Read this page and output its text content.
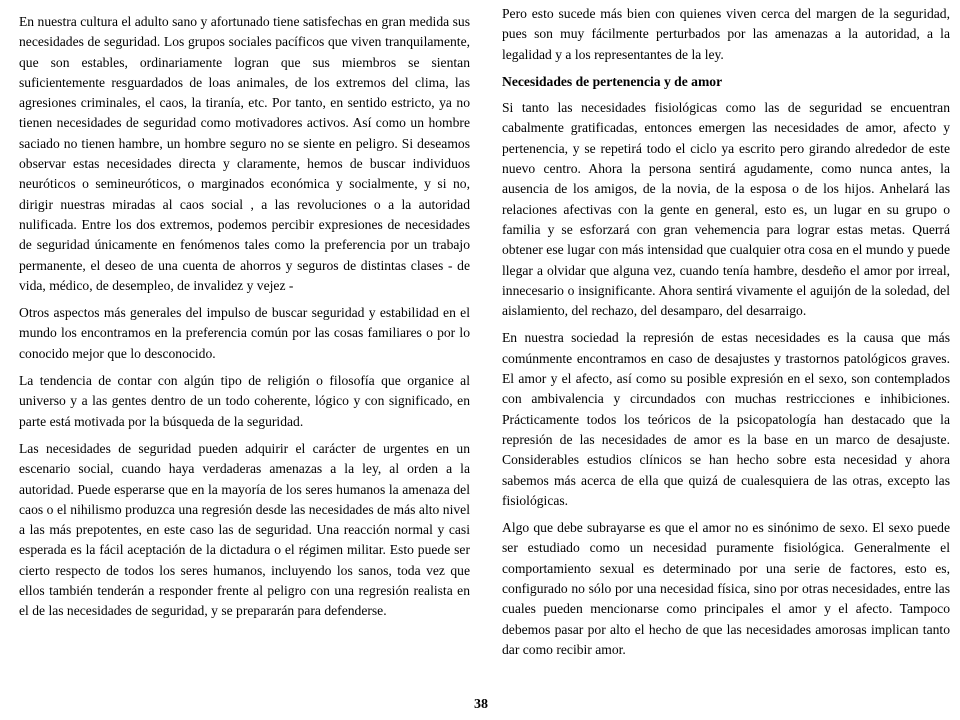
En nuestra cultura el adulto sano y afortunado tiene satisfechas en gran medida sus necesidades de seguridad. Los grupos sociales pacíficos que viven tranquilamente, que son estables, ordinariamente logran que sus miembros se sientan suficientemente resguardados de loas animales, de los extremos del clima, las agresiones criminales, el caos, la tiranía, etc. Por tanto, en sentido estricto, ya no tienen necesidades de seguridad como motivadores activos. Así como un hombre saciado no tienen hambre, un hombre seguro no se siente en peligro. Si deseamos observar estas necesidades directa y claramente, hemos de buscar individuos neuróticos o semineuróticos, o marginados económica y socialmente, y si no, dirigir nuestras miradas al caos social , a las revoluciones o a la autoridad nulificada. Entre los dos extremos, podemos percibir expresiones de necesidades de seguridad únicamente en fenómenos tales como la preferencia por un trabajo permanente, el deseo de una cuenta de ahorros y seguros de distintas clases - de vida, médico, de desempleo, de invalidez y vejez -

Otros aspectos más generales del impulso de buscar seguridad y estabilidad en el mundo los encontramos en la preferencia común por las cosas familiares o por lo conocido mejor que lo desconocido.

La tendencia de contar con algún tipo de religión o filosofía que organice al universo y a las gentes dentro de un todo coherente, lógico y con significado, en parte está motivada por la búsqueda de la seguridad.

Las necesidades de seguridad pueden adquirir el carácter de urgentes en un escenario social, cuando haya verdaderas amenazas a la ley, al orden a la autoridad. Puede esperarse que en la mayoría de los seres humanos la amenaza del caos o el nihilismo produzca una regresión desde las necesidades de más alto nivel a las más prepotentes, en este caso las de seguridad. Una reacción normal y casi esperada es la fácil aceptación de la dictadura o el régimen militar. Esto puede ser cierto respecto de todos los seres humanos, incluyendo los sanos, toda vez que ellos también tenderán a responder frente al peligro con una regresión realista en el de las necesidades de seguridad, y se prepararán para defenderse.

Pero esto sucede más bien con quienes viven cerca del margen de la seguridad, pues son muy fácilmente perturbados por las amenazas a la autoridad, a la legalidad y a los representantes de la ley.

Necesidades de pertenencia y de amor

Si tanto las necesidades fisiológicas como las de seguridad se encuentran cabalmente gratificadas, entonces emergen las necesidades de amor, afecto y pertenencia, y se repetirá todo el ciclo ya escrito pero girando alrededor de este nuevo centro. Ahora la persona sentirá agudamente, como nunca antes, la ausencia de los amigos, de la novia, de la esposa o de los hijos. Anhelará las relaciones afectivas con la gente en general, esto es, un lugar en su grupo o familia y se esforzará con gran vehemencia para lograr estas metas. Querrá obtener ese lugar con más intensidad que cualquier otra cosa en el mundo y puede llegar a olvidar que alguna vez, cuando tenía hambre, desdeño el amor por irreal, innecesario o insignificante. Ahora sentirá vivamente el aguijón de la soledad, del aislamiento, del rechazo, del desamparo, del desarraigo.

En nuestra sociedad la represión de estas necesidades es la causa que más comúnmente encontramos en caso de desajustes y trastornos patológicos graves. El amor y el afecto, así como su posible expresión en el sexo, son contemplados con ambivalencia y circundados con muchas restricciones e inhibiciones. Prácticamente todos los teóricos de la psicopatología han destacado que la represión de las necesidades de amor es la base en un marco de desajuste. Considerables estudios clínicos se han hecho sobre esta necesidad y ahora sabemos más acerca de ella que quizá de cualesquiera de las otras, excepto las fisiológicas.

Algo que debe subrayarse es que el amor no es sinónimo de sexo. El sexo puede ser estudiado como un necesidad puramente fisiológica. Generalmente el comportamiento sexual es determinado por una serie de factores, esto es, configurado no sólo por una necesidad física, sino por otras necesidades, entre las cuales pueden mencionarse como principales el amor y el afecto. Tampoco debemos pasar por alto el hecho de que las necesidades amorosas implican tanto dar como recibir amor.

38
